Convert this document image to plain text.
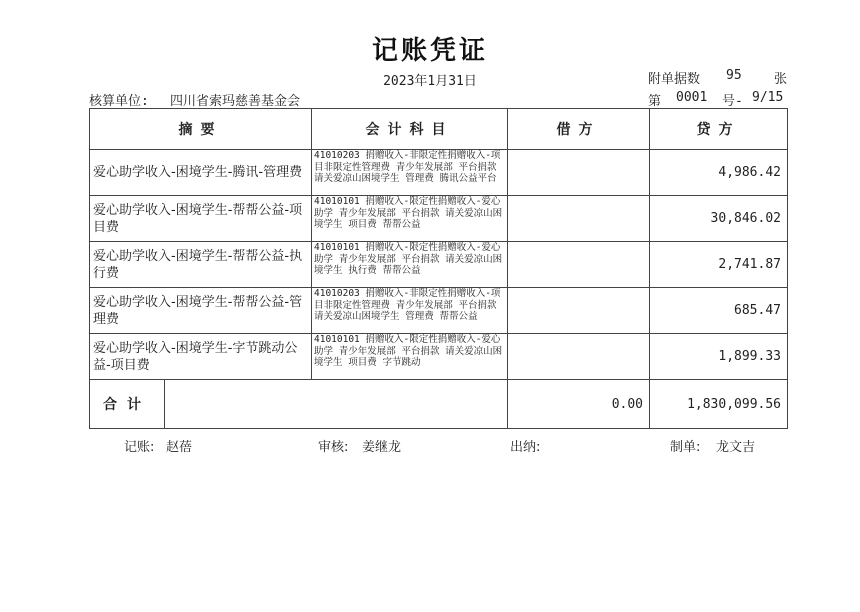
记账凭证
2023年1月31日	附单据数 95 张
核算单位: 四川省索玛慈善基金会	第 0001 号- 9/15
摘要	会计科目	借方	贷方
爱心助学收入-困境学生-腾讯-管理费	41010203 捐赠收入-非限定性捐赠收入-项目非限定性管理费 青少年发展部 平台捐款 请关爱凉山困境学生 管理费 腾讯公益平台		4,986.42
爱心助学收入-困境学生-帮帮公益-项目费	41010101 捐赠收入-限定性捐赠收入-爱心助学 青少年发展部 平台捐款 请关爱凉山困境学生 项目费 帮帮公益		30,846.02
爱心助学收入-困境学生-帮帮公益-执行费	41010101 捐赠收入-限定性捐赠收入-爱心助学 青少年发展部 平台捐款 请关爱凉山困境学生 执行费 帮帮公益		2,741.87
爱心助学收入-困境学生-帮帮公益-管理费	41010203 捐赠收入-非限定性捐赠收入-项目非限定性管理费 青少年发展部 平台捐款 请关爱凉山困境学生 管理费 帮帮公益		685.47
爱心助学收入-困境学生-字节跳动公益-项目费	41010101 捐赠收入-限定性捐赠收入-爱心助学 青少年发展部 平台捐款 请关爱凉山困境学生 项目费 字节跳动		1,899.33

合计		0.00	1,830,099.56
记账: 赵蓓	审核: 姜继龙	出纳:	制单: 龙文吉
